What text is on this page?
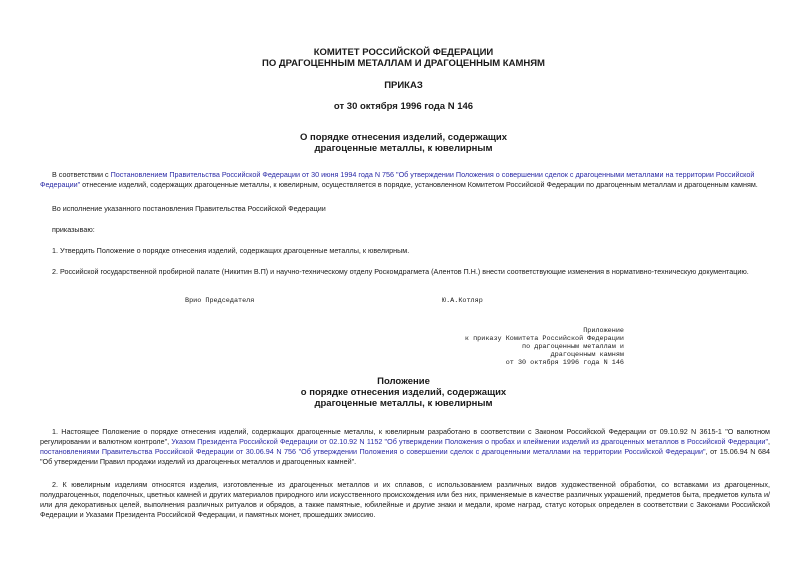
КОМИТЕТ РОССИЙСКОЙ ФЕДЕРАЦИИ
ПО ДРАГОЦЕННЫМ МЕТАЛЛАМ И ДРАГОЦЕННЫМ КАМНЯМ
ПРИКАЗ
от 30 октября 1996 года N 146
О порядке отнесения изделий, содержащих
драгоценные металлы, к ювелирным
В соответствии с Постановлением Правительства Российской Федерации от 30 июня 1994 года N 756 "Об утверждении Положения о совершении сделок с драгоценными металлами на территории Российской Федерации" отнесение изделий, содержащих драгоценные металлы, к ювелирным, осуществляется в порядке, установленном Комитетом Российской Федерации по драгоценным металлам и драгоценным камням.
Во исполнение указанного постановления Правительства Российской Федерации
приказываю:
1. Утвердить Положение о порядке отнесения изделий, содержащих драгоценные металлы, к ювелирным.
2. Российской государственной пробирной палате (Никитин В.П) и научно-техническому отделу Роскомдрагмета (Алентов П.Н.) внести соответствующие изменения в нормативно-техническую документацию.
Врио Председателя	Ю.А.Котляр
Приложение
к приказу Комитета Российской Федерации
по драгоценным металлам и
драгоценным камням
от 30 октября 1996 года N 146
Положение
о порядке отнесения изделий, содержащих
драгоценные металлы, к ювелирным
1. Настоящее Положение о порядке отнесения изделий, содержащих драгоценные металлы, к ювелирным разработано в соответствии с Законом Российской Федерации от 09.10.92 N 3615-1 "О валютном регулировании и валютном контроле", Указом Президента Российской Федерации от 02.10.92 N 1152 "Об утверждении Положения о пробах и клеймении изделий из драгоценных металлов в Российской Федерации", постановлениями Правительства Российской Федерации от 30.06.94 N 756 "Об утверждении Положения о совершении сделок с драгоценными металлами на территории Российской Федерации", от 15.06.94 N 684 "Об утверждении Правил продажи изделий из драгоценных металлов и драгоценных камней".
2. К ювелирным изделиям относятся изделия, изготовленные из драгоценных металлов и их сплавов, с использованием различных видов художественной обработки, со вставками из драгоценных, полудрагоценных, поделочных, цветных камней и других материалов природного или искусственного происхождения или без них, применяемые в качестве различных украшений, предметов быта, предметов культа и/или для декоративных целей, выполнения различных ритуалов и обрядов, а также памятные, юбилейные и другие знаки и медали, кроме наград, статус которых определен в соответствии с Законами Российской Федерации и Указами Президента Российской Федерации, и памятных монет, прошедших эмиссию.
